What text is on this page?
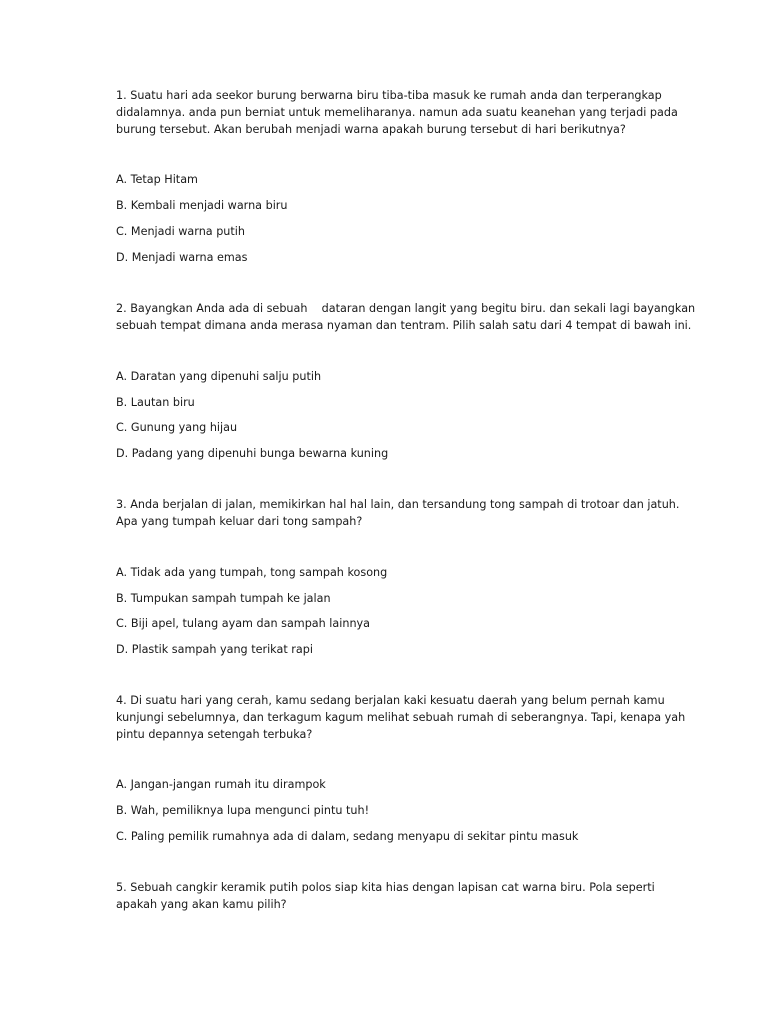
1. Suatu hari ada seekor burung berwarna biru tiba-tiba masuk ke rumah anda dan terperangkap

didalamnya. anda pun berniat untuk memeliharanya. namun ada suatu keanehan yang terjadi pada

burung tersebut. Akan berubah menjadi warna apakah burung tersebut di hari berikutnya?

A. Tetap Hitam

B. Kembali menjadi warna biru

C. Menjadi warna putih

D. Menjadi warna emas

2. Bayangkan Anda ada di sebuah    dataran dengan langit yang begitu biru. dan sekali lagi bayangkan

sebuah tempat dimana anda merasa nyaman dan tentram. Pilih salah satu dari 4 tempat di bawah ini.

A. Daratan yang dipenuhi salju putih

B. Lautan biru

C. Gunung yang hijau

D. Padang yang dipenuhi bunga bewarna kuning

3. Anda berjalan di jalan, memikirkan hal hal lain, dan tersandung tong sampah di trotoar dan jatuh.

Apa yang tumpah keluar dari tong sampah?

A. Tidak ada yang tumpah, tong sampah kosong

B. Tumpukan sampah tumpah ke jalan

C. Biji apel, tulang ayam dan sampah lainnya

D. Plastik sampah yang terikat rapi

4. Di suatu hari yang cerah, kamu sedang berjalan kaki kesuatu daerah yang belum pernah kamu

kunjungi sebelumnya, dan terkagum kagum melihat sebuah rumah di seberangnya. Tapi, kenapa yah

pintu depannya setengah terbuka?

A. Jangan-jangan rumah itu dirampok

B. Wah, pemiliknya lupa mengunci pintu tuh!

C. Paling pemilik rumahnya ada di dalam, sedang menyapu di sekitar pintu masuk

5. Sebuah cangkir keramik putih polos siap kita hias dengan lapisan cat warna biru. Pola seperti

apakah yang akan kamu pilih?
